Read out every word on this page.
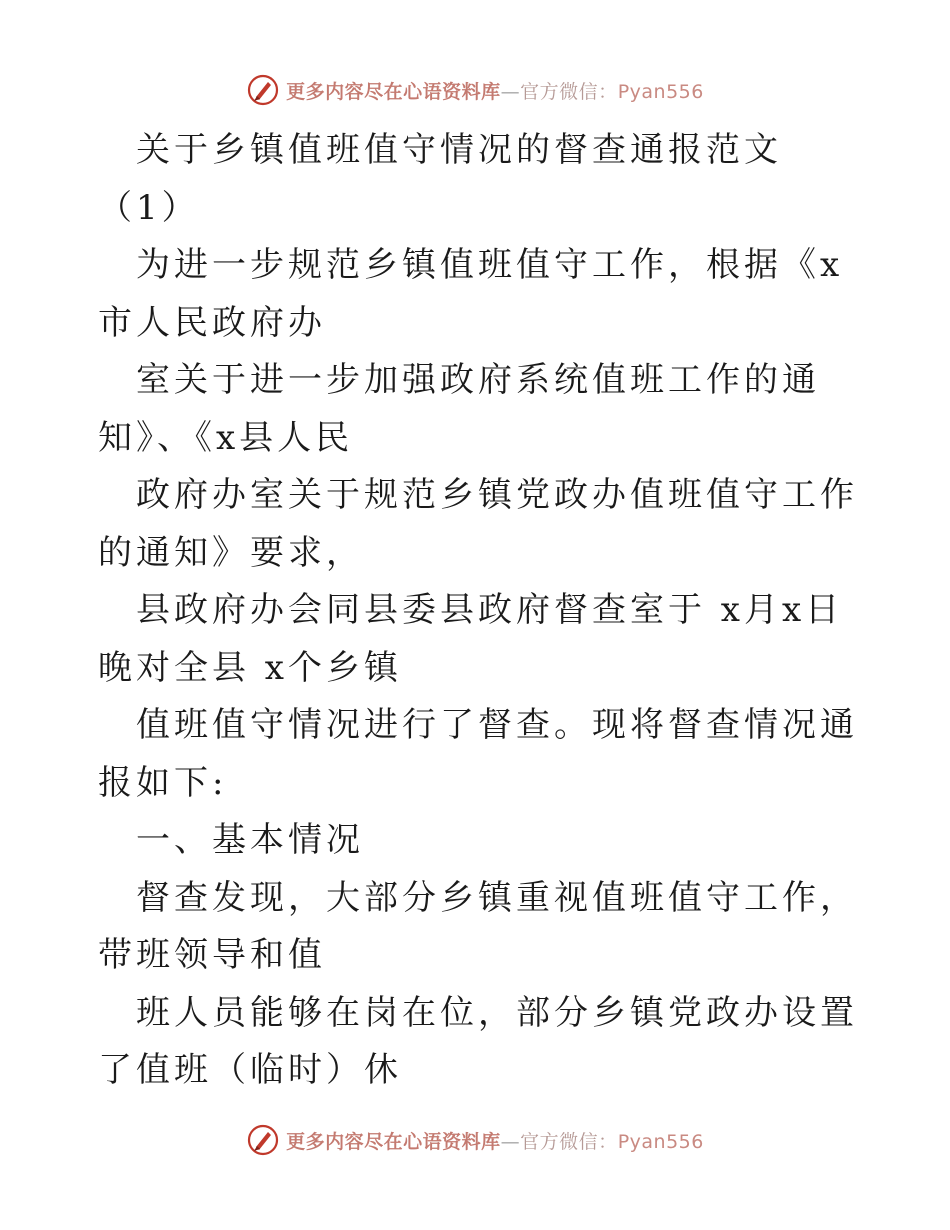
更多内容尽在心语资料库—官方微信：Pyan556

关于乡镇值班值守情况的督查通报范文（1）

为进一步规范乡镇值班值守工作，根据《x市人民政府办

室关于进一步加强政府系统值班工作的通知》、《x县人民

政府办室关于规范乡镇党政办值班值守工作的通知》要求，

县政府办会同县委县政府督查室于 x月x日晚对全县 x个乡镇

值班值守情况进行了督查。现将督查情况通报如下:

一、基本情况

督查发现，大部分乡镇重视值班值守工作，带班领导和值

班人员能够在岗在位，部分乡镇党政办设置了值班（临时）休

更多内容尽在心语资料库—官方微信：Pyan556
